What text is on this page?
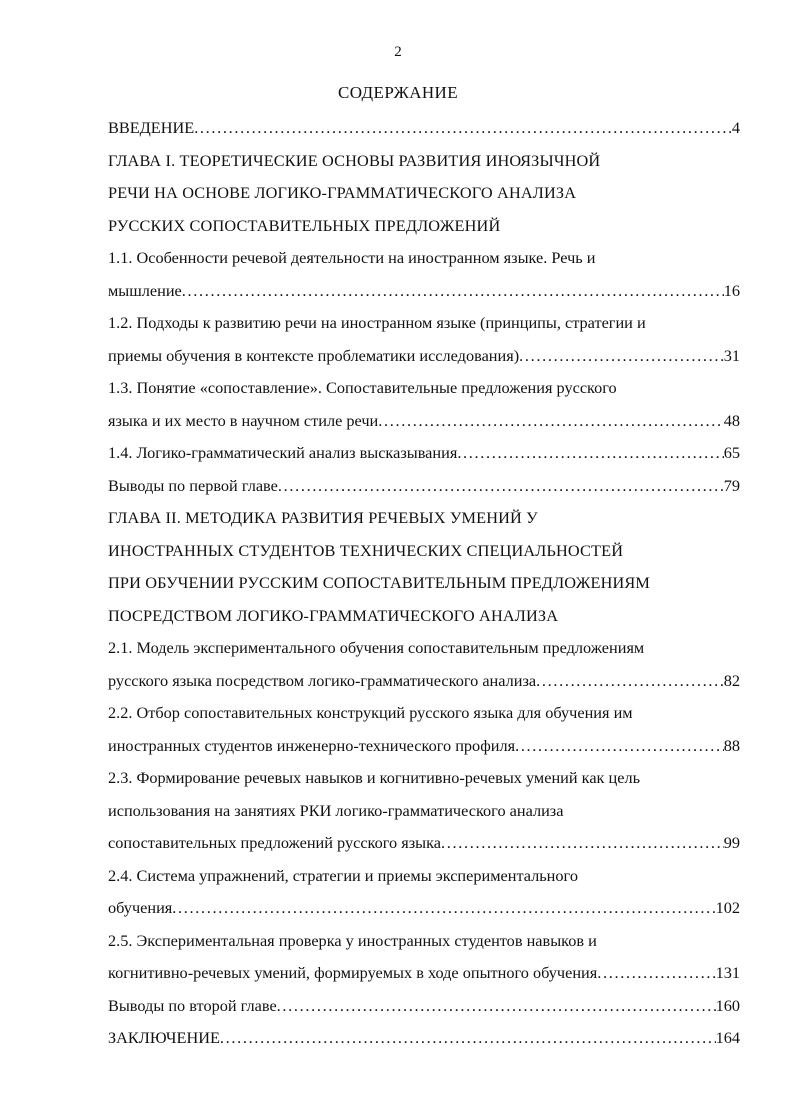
2
СОДЕРЖАНИЕ
ВВЕДЕНИЕ . . .	4
ГЛАВА I. ТЕОРЕТИЧЕСКИЕ ОСНОВЫ РАЗВИТИЯ ИНОЯЗЫЧНОЙ
РЕЧИ НА ОСНОВЕ ЛОГИКО-ГРАММАТИЧЕСКОГО АНАЛИЗА
РУССКИХ СОПОСТАВИТЕЛЬНЫХ ПРЕДЛОЖЕНИЙ
1.1. Особенности речевой деятельности на иностранном языке. Речь и
мышление . . .	16
1.2. Подходы к развитию речи на иностранном языке (принципы, стратегии и
приемы обучения в контексте проблематики исследования) . . .	31
1.3. Понятие «сопоставление». Сопоставительные предложения русского
языка и их место в научном стиле речи . . .	48
1.4. Логико-грамматический анализ высказывания . . .	65
Выводы по первой главе . . .	79
ГЛАВА II. МЕТОДИКА РАЗВИТИЯ РЕЧЕВЫХ УМЕНИЙ У
ИНОСТРАННЫХ СТУДЕНТОВ ТЕХНИЧЕСКИХ СПЕЦИАЛЬНОСТЕЙ
ПРИ ОБУЧЕНИИ РУССКИМ СОПОСТАВИТЕЛЬНЫМ ПРЕДЛОЖЕНИЯМ
ПОСРЕДСТВОМ ЛОГИКО-ГРАММАТИЧЕСКОГО АНАЛИЗА
2.1. Модель экспериментального обучения сопоставительным предложениям
русского языка посредством логико-грамматического анализа . . .	82
2.2. Отбор сопоставительных конструкций русского языка для обучения им
иностранных студентов инженерно-технического профиля . . .	88
2.3. Формирование речевых навыков и когнитивно-речевых умений как цель
использования на занятиях РКИ логико-грамматического анализа
сопоставительных предложений русского языка . . .	99
2.4. Система упражнений, стратегии и приемы экспериментального
обучения . . .	102
2.5. Экспериментальная проверка у иностранных студентов навыков и
когнитивно-речевых умений, формируемых в ходе опытного обучения . . .	131
Выводы по второй главе . . .	160
ЗАКЛЮЧЕНИЕ . . .	164
